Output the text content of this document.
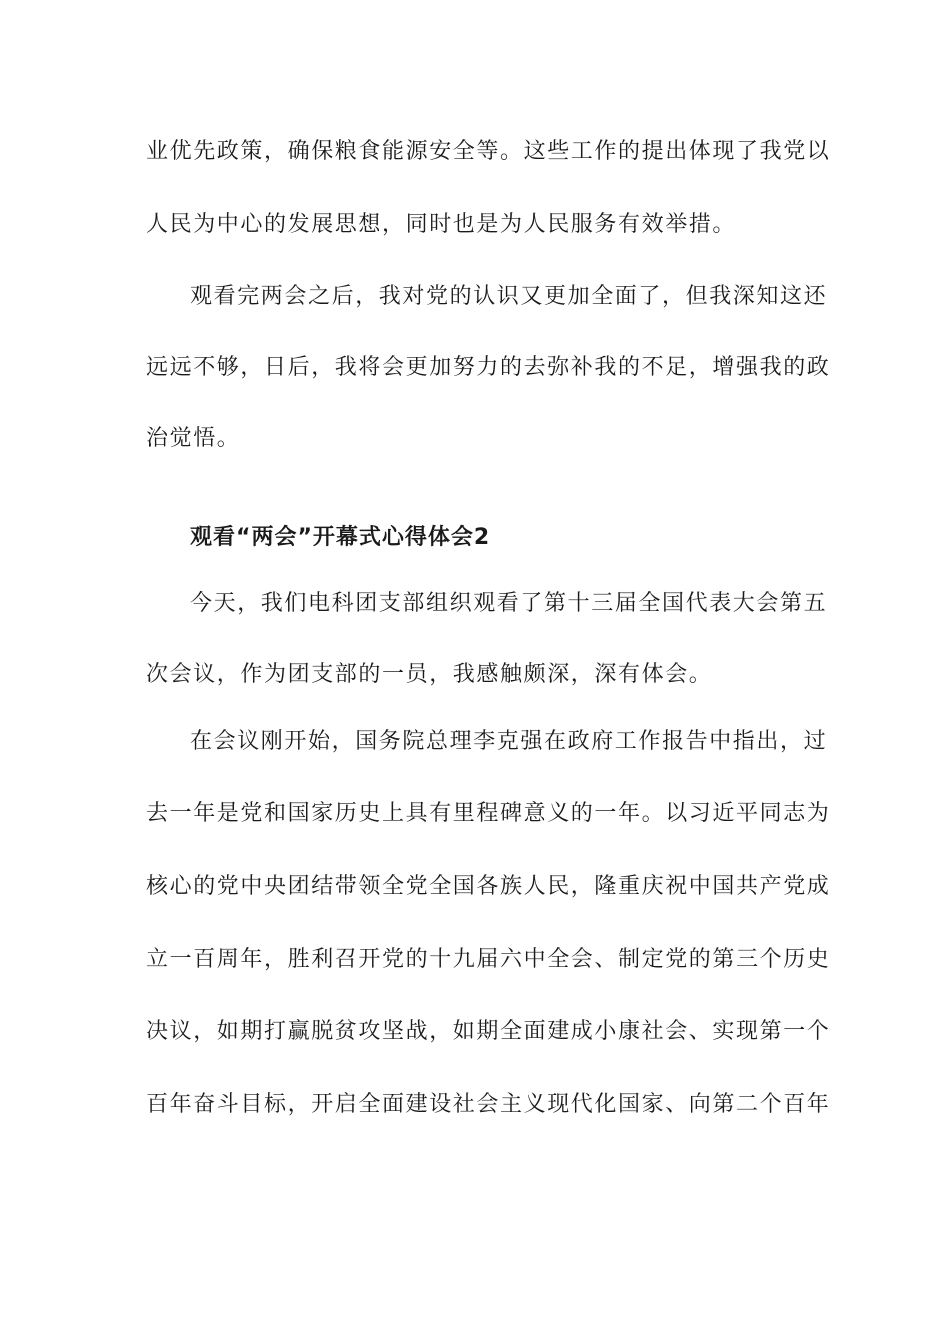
业优先政策，确保粮食能源安全等。这些工作的提出体现了我党以
人民为中心的发展思想，同时也是为人民服务有效举措。
观看完两会之后，我对党的认识又更加全面了，但我深知这还
远远不够，日后，我将会更加努力的去弥补我的不足，增强我的政
治觉悟。
观看“两会”开幕式心得体会2
今天，我们电科团支部组织观看了第十三届全国代表大会第五
次会议，作为团支部的一员，我感触颇深，深有体会。
在会议刚开始，国务院总理李克强在政府工作报告中指出，过
去一年是党和国家历史上具有里程碑意义的一年。以习近平同志为
核心的党中央团结带领全党全国各族人民，隆重庆祝中国共产党成
立一百周年，胜利召开党的十九届六中全会、制定党的第三个历史
决议，如期打赢脱贫攻坚战，如期全面建成小康社会、实现第一个
百年奋斗目标，开启全面建设社会主义现代化国家、向第二个百年
